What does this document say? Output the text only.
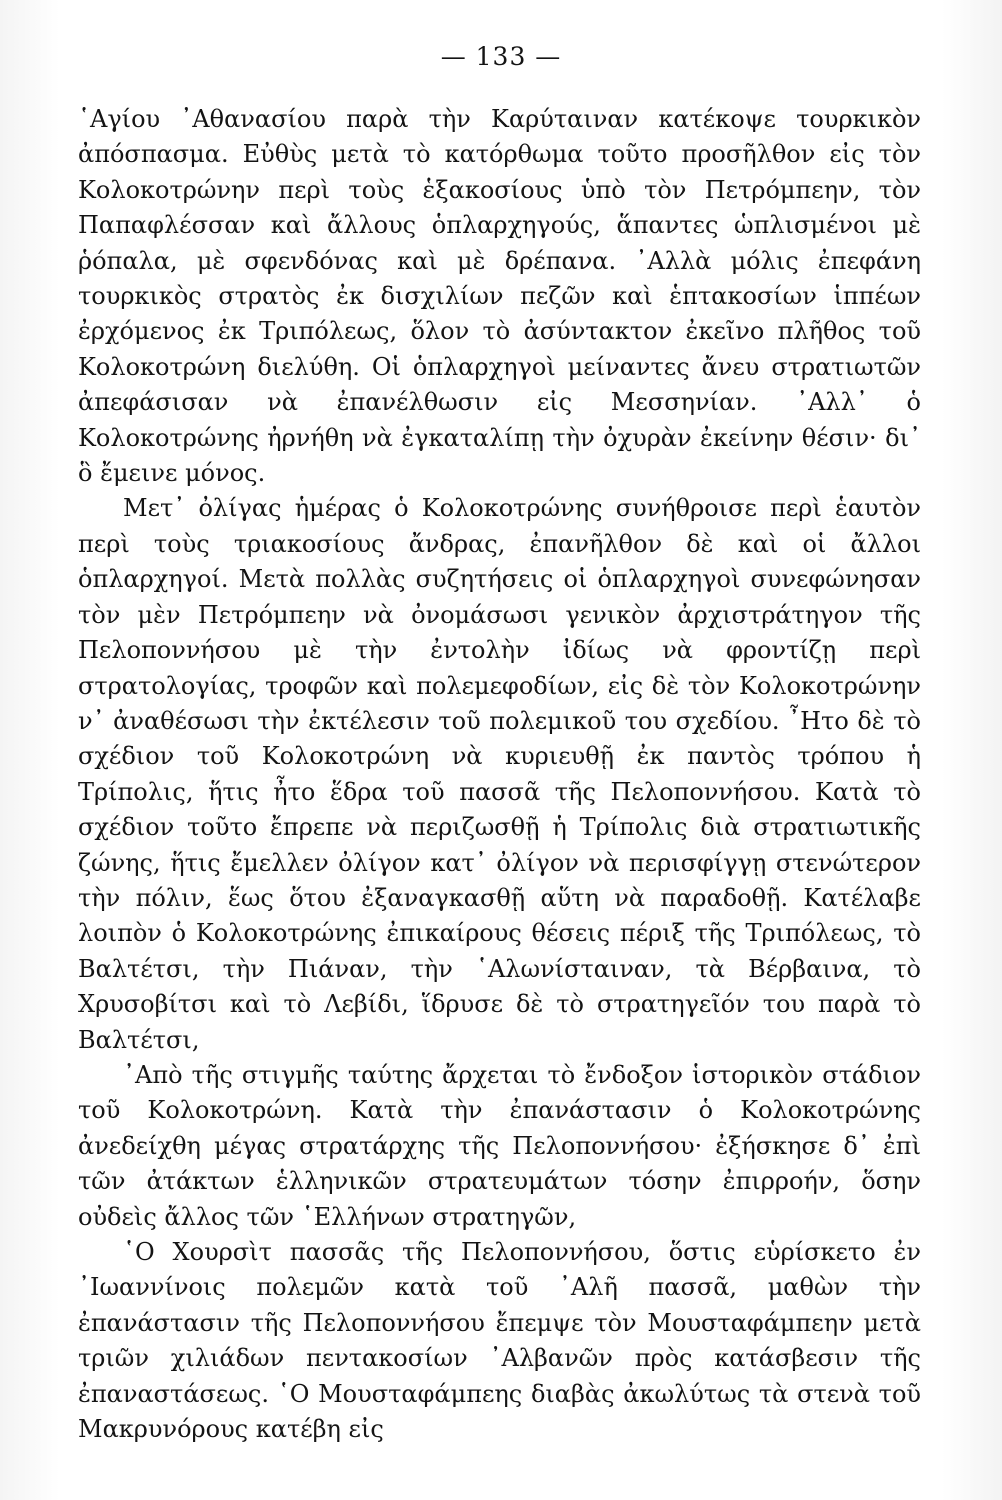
— 133 —

῾Αγίου ᾿Αθανασίου παρὰ τὴν Καρύταιναν κατέκοψε τουρκικὸν ἀπόσπασμα. Εὐθὺς μετὰ τὸ κατόρθωμα τοῦτο προσῆλθον εἰς τὸν Κολοκοτρώνην περὶ τοὺς ἑξακοσίους ὑπὸ τὸν Πετρόμπεην, τὸν Παπαφλέσσαν καὶ ἄλλους ὁπλαρχηγούς, ἅπαντες ὡπλισμένοι μὲ ῥόπαλα, μὲ σφενδόνας καὶ μὲ δρέπανα. ᾿Αλλὰ μόλις ἐπεφάνη τουρκικὸς στρατὸς ἐκ δισχιλίων πεζῶν καὶ ἑπτακοσίων ἱππέων ἐρχόμενος ἐκ Τριπόλεως, ὅλον τὸ ἀσύντακτον ἐκεῖνο πλῆθος τοῦ Κολοκοτρώνη διελύθη. Οἱ ὁπλαρχηγοὶ μείναντες ἄνευ στρατιωτῶν ἀπεφάσισαν νὰ ἐπανέλθωσιν εἰς Μεσσηνίαν. ᾿Αλλ᾿ ὁ Κολοκοτρώνης ἠρνήθη νὰ ἐγκαταλίπῃ τὴν ὀχυρὰν ἐκείνην θέσιν· δι᾿ ὃ ἔμεινε μόνος.

Μετ᾿ ὀλίγας ἡμέρας ὁ Κολοκοτρώνης συνήθροισε περὶ ἑαυτὸν περὶ τοὺς τριακοσίους ἄνδρας, ἐπανῆλθον δὲ καὶ οἱ ἄλλοι ὁπλαρχηγοί. Μετὰ πολλὰς συζητήσεις οἱ ὁπλαρχηγοὶ συνεφώνησαν τὸν μὲν Πετρόμπεην νὰ ὀνομάσωσι γενικὸν ἀρχιστράτηγον τῆς Πελοποννήσου μὲ τὴν ἐντολὴν ἰδίως νὰ φροντίζῃ περὶ στρατολογίας, τροφῶν καὶ πολεμεφοδίων, εἰς δὲ τὸν Κολοκοτρώνην ν᾿ ἀναθέσωσι τὴν ἐκτέλεσιν τοῦ πολεμικοῦ του σχεδίου. ῏Ητο δὲ τὸ σχέδιον τοῦ Κολοκοτρώνη νὰ κυριευθῇ ἐκ παντὸς τρόπου ἡ Τρίπολις, ἥτις ἦτο ἕδρα τοῦ πασσᾶ τῆς Πελοποννήσου. Κατὰ τὸ σχέδιον τοῦτο ἔπρεπε νὰ περιζωσθῇ ἡ Τρίπολις διὰ στρατιωτικῆς ζώνης, ἥτις ἔμελλεν ὀλίγον κατ᾿ ὀλίγον νὰ περισφίγγῃ στενώτερον τὴν πόλιν, ἕως ὅτου ἐξαναγκασθῇ αὕτη νὰ παραδοθῇ. Κατέλαβε λοιπὸν ὁ Κολοκοτρώνης ἐπικαίρους θέσεις πέριξ τῆς Τριπόλεως, τὸ Βαλτέτσι, τὴν Πιάναν, τὴν ῾Αλωνίσταιναν, τὰ Βέρβαινα, τὸ Χρυσοβίτσι καὶ τὸ Λεβίδι, ἵδρυσε δὲ τὸ στρατηγεῖόν του παρὰ τὸ Βαλτέτσι,

᾿Απὸ τῆς στιγμῆς ταύτης ἄρχεται τὸ ἔνδοξον ἱστορικὸν στάδιον τοῦ Κολοκοτρώνη. Κατὰ τὴν ἐπανάστασιν ὁ Κολοκοτρώνης ἀνεδείχθη μέγας στρατάρχης τῆς Πελοποννήσου· ἐξήσκησε δ᾿ ἐπὶ τῶν ἀτάκτων ἑλληνικῶν στρατευμάτων τόσην ἐπιρροήν, ὅσην οὐδεὶς ἄλλος τῶν ῾Ελλήνων στρατηγῶν,

῾Ο Χουρσὶτ πασσᾶς τῆς Πελοποννήσου, ὅστις εὑρίσκετο ἐν ᾿Ιωαννίνοις πολεμῶν κατὰ τοῦ ᾿Αλῆ πασσᾶ, μαθὼν τὴν ἐπανάστασιν τῆς Πελοποννήσου ἔπεμψε τὸν Μουσταφάμπεην μετὰ τριῶν χιλιάδων πεντακοσίων ᾿Αλβανῶν πρὸς κατάσβεσιν τῆς ἐπαναστάσεως. ῾Ο Μουσταφάμπεης διαβὰς ἀκωλύτως τὰ στενὰ τοῦ Μακρυνόρους κατέβη εἰς
